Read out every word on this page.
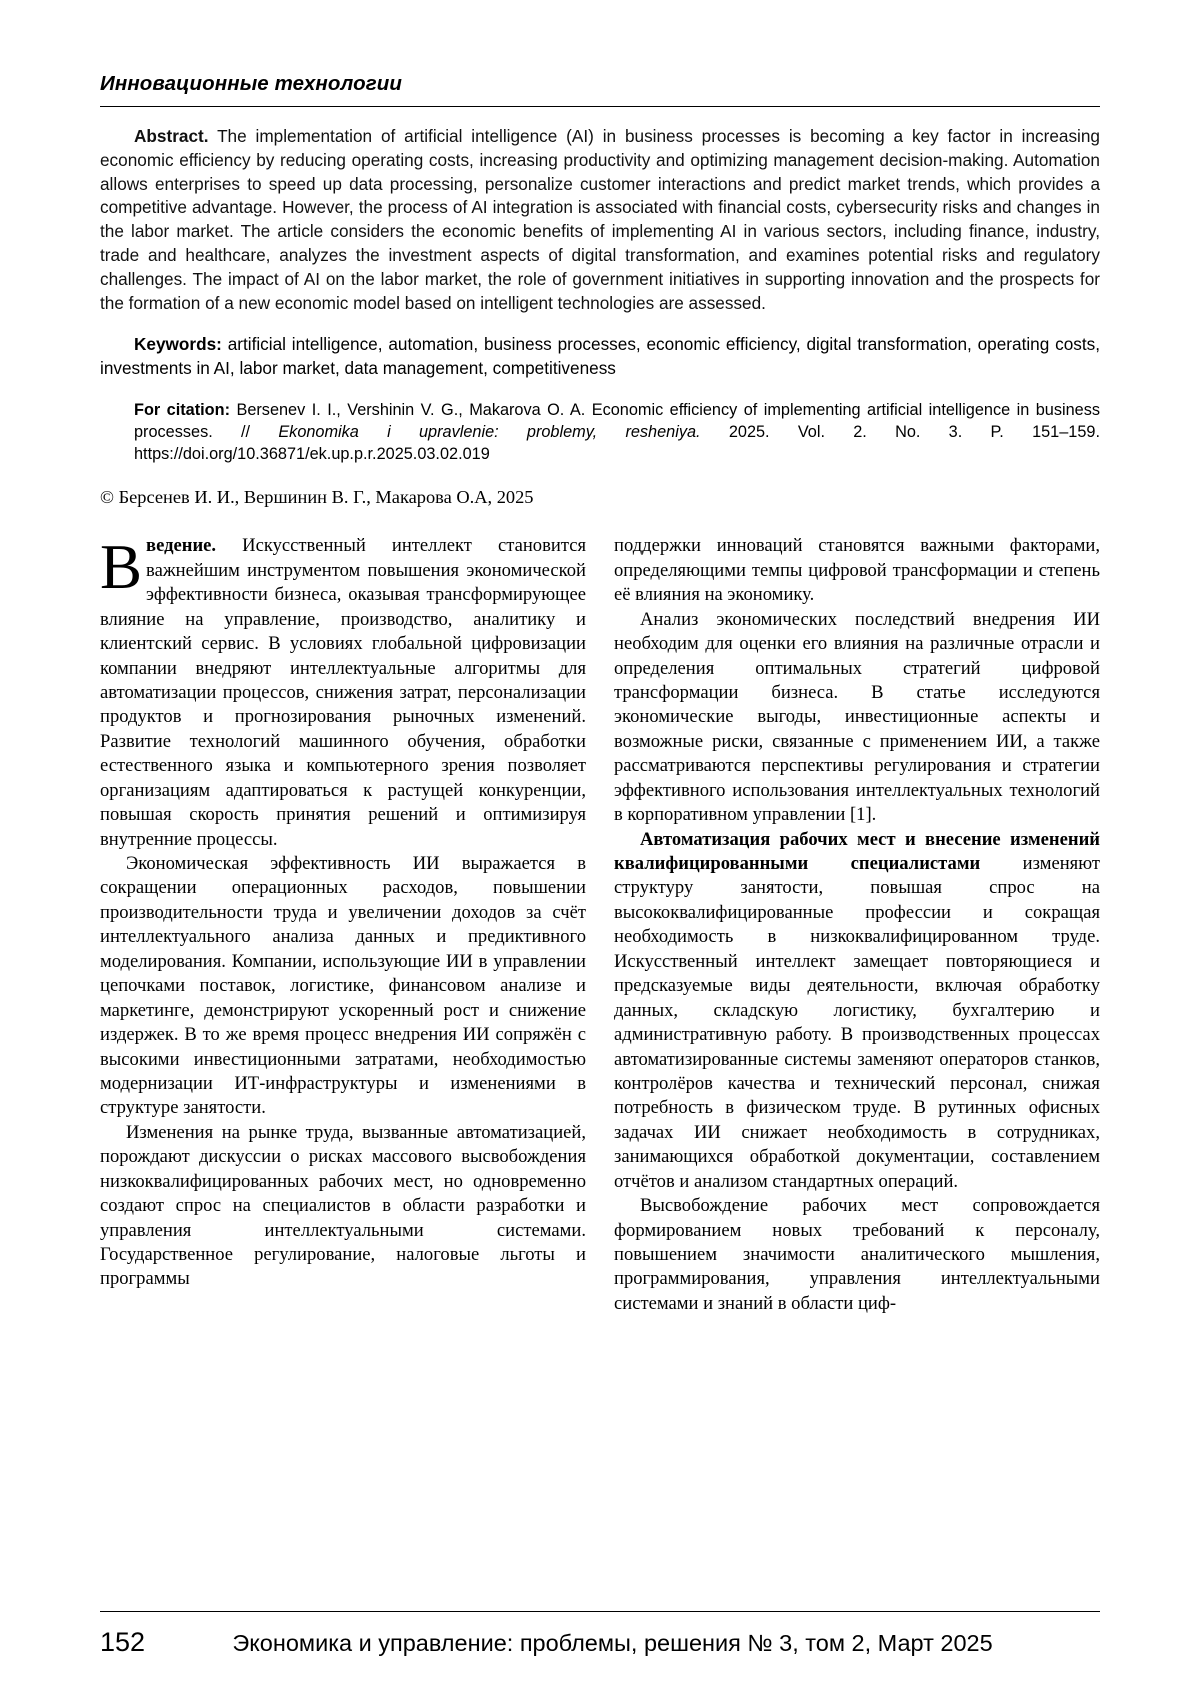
Инновационные технологии

Abstract. The implementation of artificial intelligence (AI) in business processes is becoming a key factor in increasing economic efficiency by reducing operating costs, increasing productivity and optimizing management decision-making. Automation allows enterprises to speed up data processing, personalize customer interactions and predict market trends, which provides a competitive advantage. However, the process of AI integration is associated with financial costs, cybersecurity risks and changes in the labor market. The article considers the economic benefits of implementing AI in various sectors, including finance, industry, trade and healthcare, analyzes the investment aspects of digital transformation, and examines potential risks and regulatory challenges. The impact of AI on the labor market, the role of government initiatives in supporting innovation and the prospects for the formation of a new economic model based on intelligent technologies are assessed.

Keywords: artificial intelligence, automation, business processes, economic efficiency, digital transformation, operating costs, investments in AI, labor market, data management, competitiveness

For citation: Bersenev I. I., Vershinin V. G., Makarova O. A. Economic efficiency of implementing artificial intelligence in business processes. // Ekonomika i upravlenie: problemy, resheniya. 2025. Vol. 2. No. 3. P. 151–159. https://doi.org/10.36871/ek.up.p.r.2025.03.02.019

© Берсенев И. И., Вершинин В. Г., Макарова О.А, 2025

Введение. Искусственный интеллект становится важнейшим инструментом повышения экономической эффективности бизнеса, оказывая трансформирующее влияние на управление, производство, аналитику и клиентский сервис. В условиях глобальной цифровизации компании внедряют интеллектуальные алгоритмы для автоматизации процессов, снижения затрат, персонализации продуктов и прогнозирования рыночных изменений. Развитие технологий машинного обучения, обработки естественного языка и компьютерного зрения позволяет организациям адаптироваться к растущей конкуренции, повышая скорость принятия решений и оптимизируя внутренние процессы.

Экономическая эффективность ИИ выражается в сокращении операционных расходов, повышении производительности труда и увеличении доходов за счёт интеллектуального анализа данных и предиктивного моделирования. Компании, использующие ИИ в управлении цепочками поставок, логистике, финансовом анализе и маркетинге, демонстрируют ускоренный рост и снижение издержек. В то же время процесс внедрения ИИ сопряжён с высокими инвестиционными затратами, необходимостью модернизации ИТ-инфраструктуры и изменениями в структуре занятости.

Изменения на рынке труда, вызванные автоматизацией, порождают дискуссии о рисках массового высвобождения низкоквалифицированных рабочих мест, но одновременно создают спрос на специалистов в области разработки и управления интеллектуальными системами. Государственное регулирование, налоговые льготы и программы

поддержки инноваций становятся важными факторами, определяющими темпы цифровой трансформации и степень её влияния на экономику.

Анализ экономических последствий внедрения ИИ необходим для оценки его влияния на различные отрасли и определения оптимальных стратегий цифровой трансформации бизнеса. В статье исследуются экономические выгоды, инвестиционные аспекты и возможные риски, связанные с применением ИИ, а также рассматриваются перспективы регулирования и стратегии эффективного использования интеллектуальных технологий в корпоративном управлении [1].

Автоматизация рабочих мест и внесение изменений квалифицированными специалистами изменяют структуру занятости, повышая спрос на высококвалифицированные профессии и сокращая необходимость в низкоквалифицированном труде. Искусственный интеллект замещает повторяющиеся и предсказуемые виды деятельности, включая обработку данных, складскую логистику, бухгалтерию и административную работу. В производственных процессах автоматизированные системы заменяют операторов станков, контролёров качества и технический персонал, снижая потребность в физическом труде. В рутинных офисных задачах ИИ снижает необходимость в сотрудниках, занимающихся обработкой документации, составлением отчётов и анализом стандартных операций.

Высвобождение рабочих мест сопровождается формированием новых требований к персоналу, повышением значимости аналитического мышления, программирования, управления интеллектуальными системами и знаний в области циф-

152	Экономика и управление: проблемы, решения № 3, том 2, Март 2025
